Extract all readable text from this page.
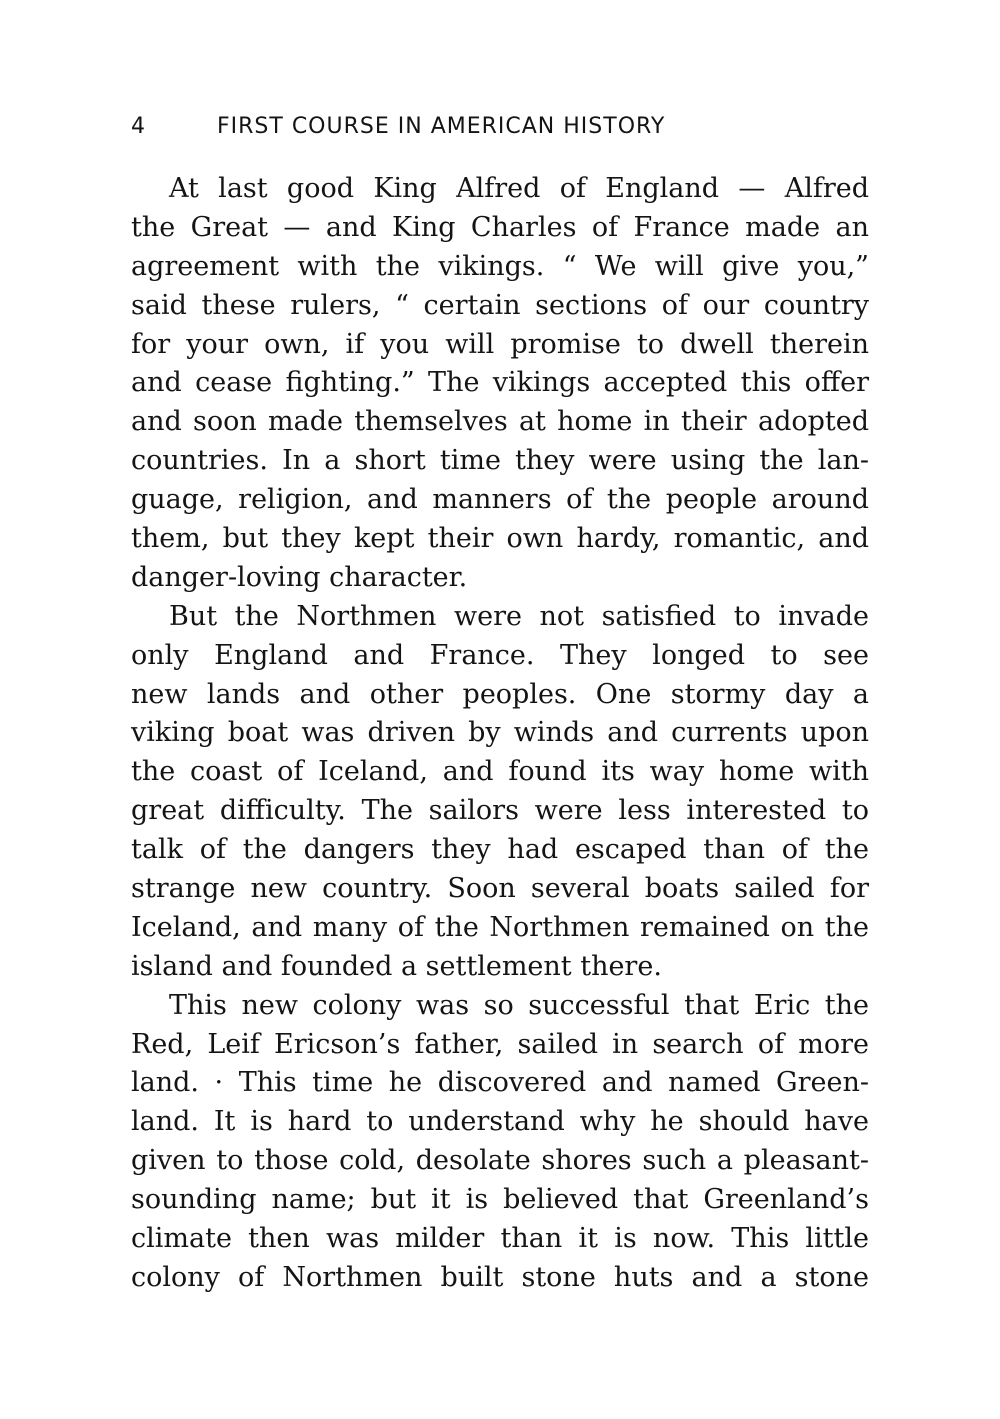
4	FIRST COURSE IN AMERICAN HISTORY
At last good King Alfred of England — Alfred
the Great — and King Charles of France made an
agreement with the vikings. “ We will give you,”
said these rulers, “ certain sections of our country
for your own, if you will promise to dwell therein
and cease fighting.” The vikings accepted this offer
and soon made themselves at home in their adopted
countries. In a short time they were using the lan-
guage, religion, and manners of the people around
them, but they kept their own hardy, romantic, and
danger-loving character.
But the Northmen were not satisfied to invade
only England and France. They longed to see
new lands and other peoples. One stormy day a
viking boat was driven by winds and currents upon
the coast of Iceland, and found its way home with
great difficulty. The sailors were less interested to
talk of the dangers they had escaped than of the
strange new country. Soon several boats sailed for
Iceland, and many of the Northmen remained on the
island and founded a settlement there.
This new colony was so successful that Eric the
Red, Leif Ericson’s father, sailed in search of more
land. · This time he discovered and named Green-
land. It is hard to understand why he should have
given to those cold, desolate shores such a pleasant-
sounding name; but it is believed that Greenland’s
climate then was milder than it is now. This little
colony of Northmen built stone huts and a stone
